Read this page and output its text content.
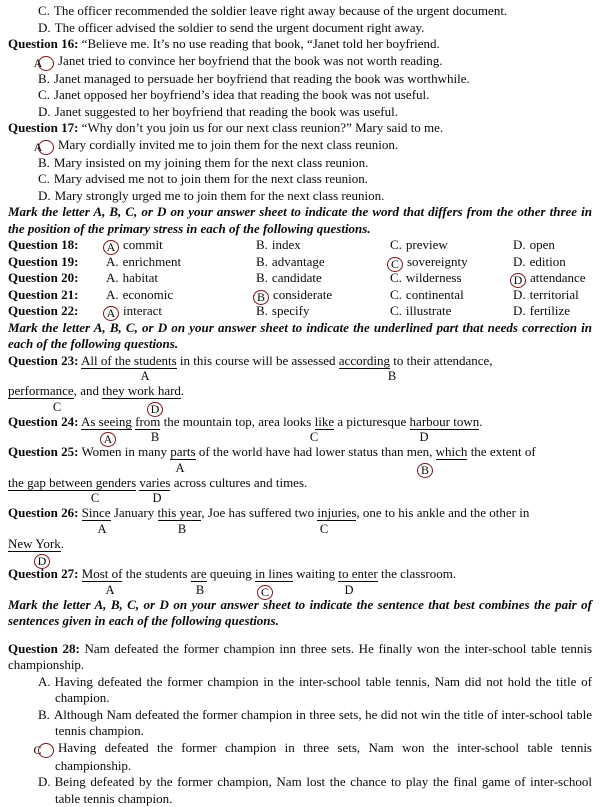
C. The officer recommended the soldier leave right away because of the urgent document.
D. The officer advised the soldier to send the urgent document right away.
Question 16: “Believe me. It’s no use reading that book, “Janet told her boyfriend.
A Janet tried to convince her boyfriend that the book was not worth reading.
B. Janet managed to persuade her boyfriend that reading the book was worthwhile.
C. Janet opposed her boyfriend’s idea that reading the book was not useful.
D. Janet suggested to her boyfriend that reading the book was useful.
Question 17: “Why don’t you join us for our next class reunion?” Mary said to me.
A Mary cordially invited me to join them for the next class reunion.
B. Mary insisted on my joining them for the next class reunion.
C. Mary advised me not to join them for the next class reunion.
D. Mary strongly urged me to join them for the next class reunion.
Mark the letter A, B, C, or D on your answer sheet to indicate the word that differs from the other three in the position of the primary stress in each of the following questions.
Question 18:	A commit	B. index	C. preview	D. open
Question 19: A. enrichment	B. advantage	C sovereignty	D. edition
Question 20: A. habitat	B. candidate	C. wilderness	D attendance
Question 21: A. economic	B considerate	C. continental	D. territorial
Question 22:	A interact	B. specify	C. illustrate	D. fertilize
Mark the letter A, B, C, or D on your answer sheet to indicate the underlined part that needs correction in each of the following questions.
Question 23: All of the students in this course will be assessed according to their attendance,
A	B
performance, and they work hard.
C	D
Question 24: As seeing from the mountain top, area looks like a picturesque harbour town.
A	B	C	D
Question 25: Women in many parts of the world have had lower status than men, which the extent of
A	B
the gap between genders varies across cultures and times.
C	D
Question 26: Since January this year, Joe has suffered two injuries, one to his ankle and the other in
A	B	C
New York.
D
Question 27: Most of the students are queuing in lines waiting to enter the classroom.
A	B	C	D
Mark the letter A, B, C, or D on your answer sheet to indicate the sentence that best combines the pair of sentences given in each of the following questions.
Question 28: Nam defeated the former champion inn three sets. He finally won the inter-school table tennis championship.
A. Having defeated the former champion in the inter-school table tennis, Nam did not hold the title of champion.
B. Although Nam defeated the former champion in three sets, he did not win the title of inter-school table tennis champion.
C Having defeated the former champion in three sets, Nam won the inter-school table tennis championship.
D. Being defeated by the former champion, Nam lost the chance to play the final game of inter-school table tennis champion.
